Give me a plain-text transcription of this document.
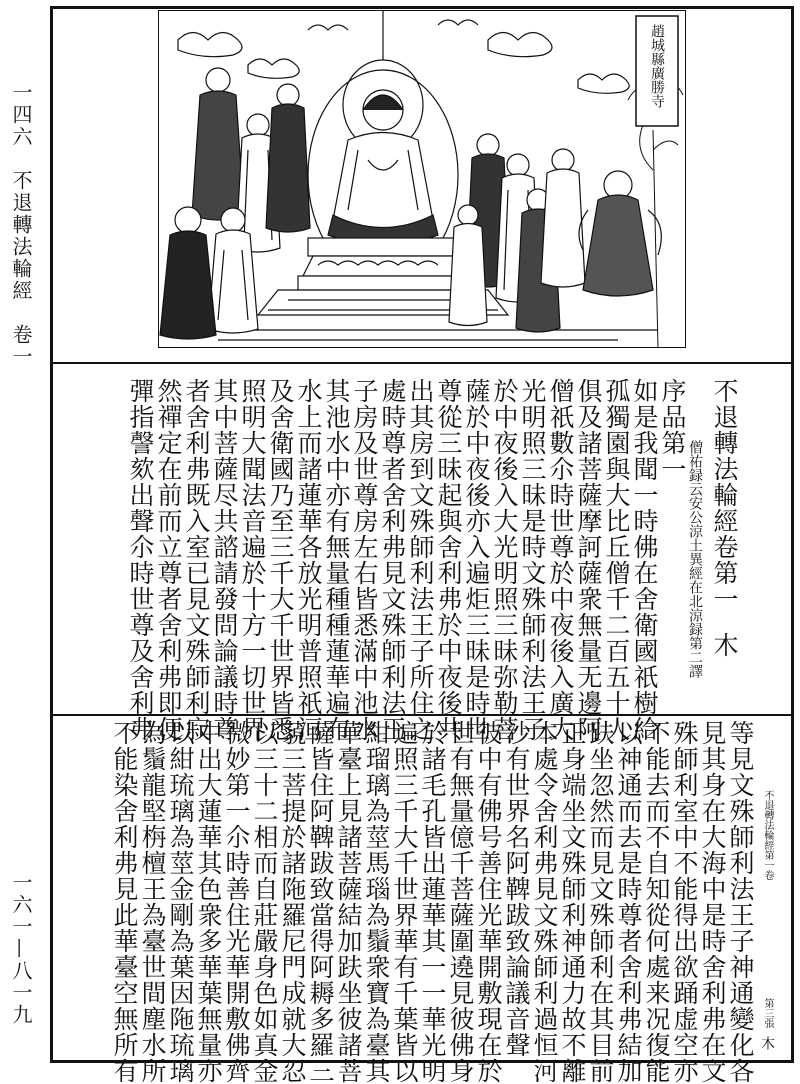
一四六　不退轉法輪經　卷一
一六一—八一九
趙城縣廣勝寺
不退轉法輪經卷第一
木
僧祐録云安公涼土異經在北涼録第二譯
序品第一
如是我聞一時佛在舍衛國祇樹給
孤獨園與大比丘僧千二百五十人
俱及諸菩薩摩訶薩衆無量无邊阿
僧祇數尒時世尊於中夜後入廣大
光明照三昧是時文殊師利法王子
於中夜後入大光明照三昧弥勒菩
薩於中夜後亦入遍炬三昧是時世
尊從三昧起與舍利弗於中夜後共
出其房到文殊師利法王子所住之
處時尊者舍利弗見文殊師利法王
子房及世尊房左右皆悉滿中池水
其池水中亦有無量種種蓮華遍布
水上而諸蓮華各放光明普照祇洹
及舍衛國乃至三千大千世界皆悉
照明大聞法音遍於十方一切世界
其中菩薩尽共諮請發問論議時尊
者舍利弗既入室已見文殊師利寂
然禪定在前而立尊者舍利弗即便
彈指謦欬出聲尒時世尊及舍利弗
不退轉法輪經第一卷
第三張
木
等見文殊師利法王子神通變化各
見其身在大海中是時舍利弗在文
殊師利室中不能得出欲踊虚空亦
不能去而不自知從何處来况復能
以神通而去是時尊者舍利弗結加
趺坐忽然而見文殊師利在其目前
正身端坐文殊師利神通力故不離
本處令舍利弗見文殊師利過恒河
沙有世界名阿鞞跋致論議音聲
彼中有佛号善住光華開敷現在於
世有無量億千菩薩圍遶見彼佛身
於諸毛孔皆出蓮華其一一華光明
遍照三千大千世界華有千葉皆以
紺瑠璃為莖馬瑙為鬚衆寶為臺其
華臺上見諸菩薩結加趺坐彼諸菩
薩皆住阿鞞跋致當得阿耨多羅三
藐三菩提於諸陁羅尼門成就大忍
以三十二相而自莊嚴身色如真金
微妙第一尒時善住光華開敷佛齊
中出大蓮華其色衆多華葉無量亦
以紺琉璃為莖金剛為葉因陁琉璃
為鬚龍堅栴檀王為臺世間塵水所
不能染舍利弗見此華臺空無所有
